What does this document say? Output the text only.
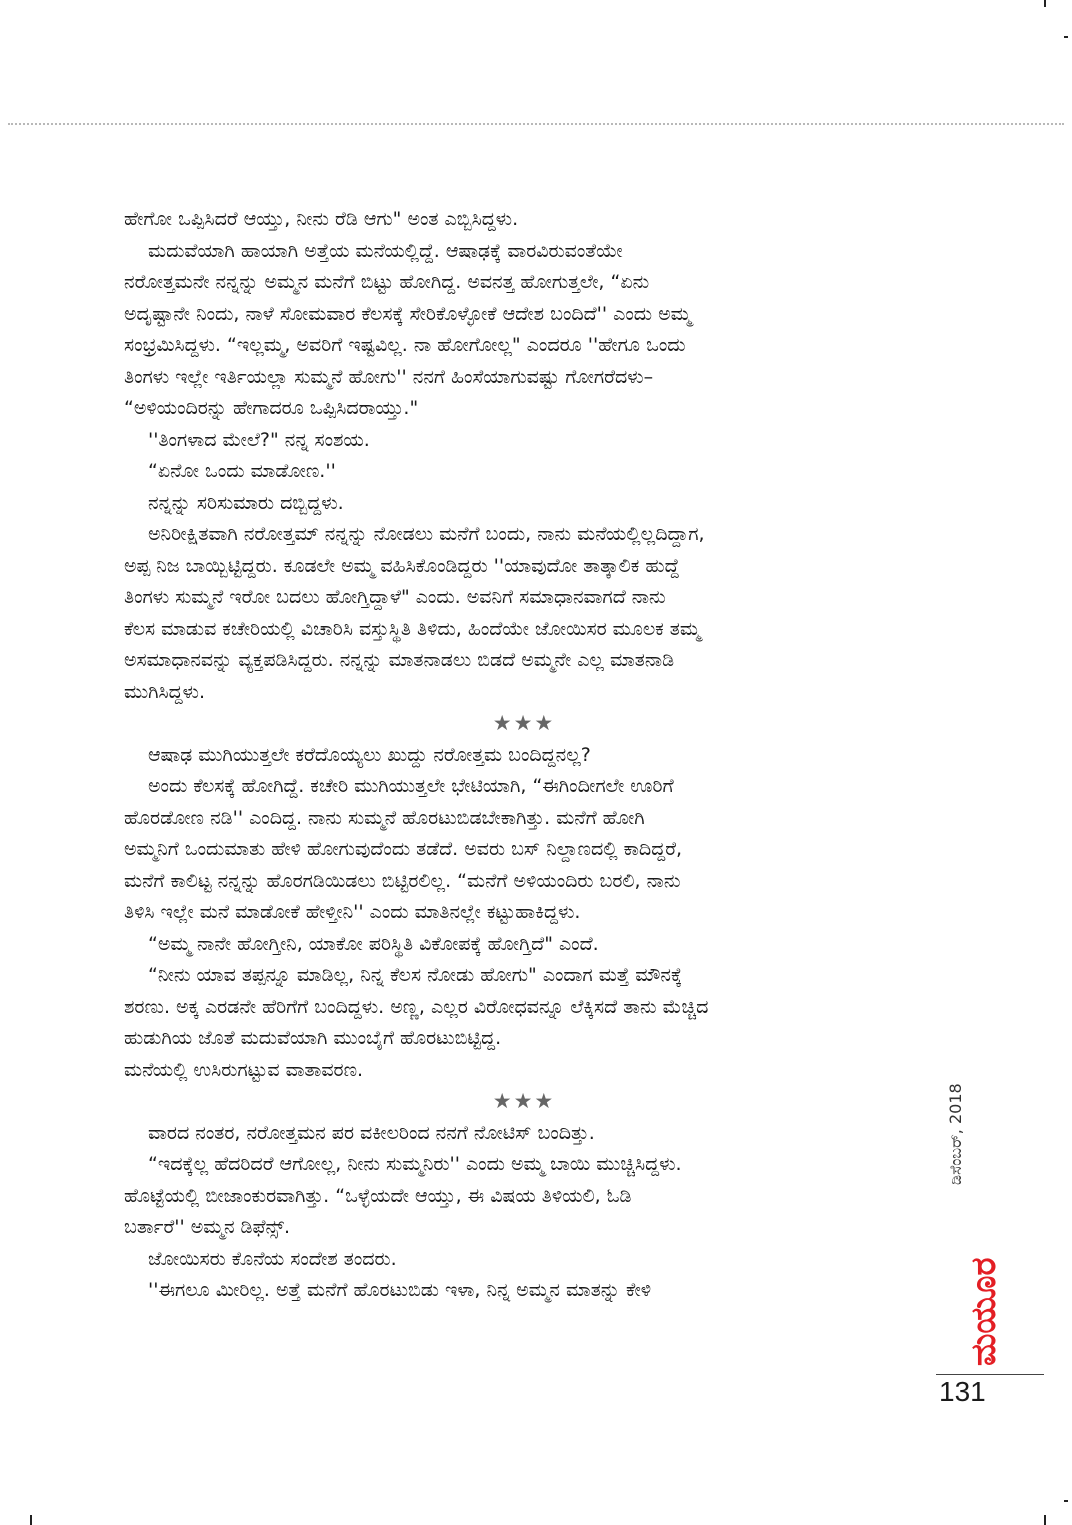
ಹೇಗೋ ಒಪ್ಪಿಸಿದರೆ ಆಯ್ತು, ನೀನು ರೆಡಿ ಆಗು" ಅಂತ ಎಬ್ಬಿಸಿದ್ದಳು.

ಮದುವೆಯಾಗಿ ಹಾಯಾಗಿ ಅತ್ತೆಯ ಮನೆಯಲ್ಲಿದ್ದೆ. ಆಷಾಢಕ್ಕೆ ವಾರವಿರುವಂತೆಯೇ

ನರೋತ್ತಮನೇ ನನ್ನನ್ನು ಅಮ್ಮನ ಮನೆಗೆ ಬಿಟ್ಟು ಹೋಗಿದ್ದ. ಅವನತ್ತ ಹೋಗುತ್ತಲೇ, “ಏನು

ಅದೃಷ್ಟಾನೇ ನಿಂದು, ನಾಳೆ ಸೋಮವಾರ ಕೆಲಸಕ್ಕೆ ಸೇರಿಕೊಳ್ಳೋಕೆ ಆದೇಶ ಬಂದಿದೆ'' ಎಂದು ಅಮ್ಮ

ಸಂಭ್ರಮಿಸಿದ್ದಳು. “ಇಲ್ಲಮ್ಮ, ಅವರಿಗೆ ಇಷ್ಟವಿಲ್ಲ. ನಾ ಹೋಗೋಲ್ಲ" ಎಂದರೂ ''ಹೇಗೂ ಒಂದು

ತಿಂಗಳು ಇಲ್ಲೇ ಇರ್ತಿಯಲ್ಲಾ ಸುಮ್ಮನೆ ಹೋಗು'' ನನಗೆ ಹಿಂಸೆಯಾಗುವಷ್ಟು ಗೋಗರೆದಳು–

“ಅಳಿಯಂದಿರನ್ನು ಹೇಗಾದರೂ ಒಪ್ಪಿಸಿದರಾಯ್ತು."

''ತಿಂಗಳಾದ ಮೇಲೆ?" ನನ್ನ ಸಂಶಯ.

“ಏನೋ ಒಂದು ಮಾಡೋಣ.''

ನನ್ನನ್ನು ಸರಿಸುಮಾರು ದಬ್ಬಿದ್ದಳು.

ಅನಿರೀಕ್ಷಿತವಾಗಿ ನರೋತ್ತಮ್ ನನ್ನನ್ನು ನೋಡಲು ಮನೆಗೆ ಬಂದು, ನಾನು ಮನೆಯಲ್ಲಿಲ್ಲದಿದ್ದಾಗ,

ಅಪ್ಪ ನಿಜ ಬಾಯ್ಬಿಟ್ಟಿದ್ದರು. ಕೂಡಲೇ ಅಮ್ಮ ವಹಿಸಿಕೊಂಡಿದ್ದರು ''ಯಾವುದೋ ತಾತ್ಕಾಲಿಕ ಹುದ್ದೆ

ತಿಂಗಳು ಸುಮ್ಮನೆ ಇರೋ ಬದಲು ಹೋಗ್ತಿದ್ದಾಳೆ" ಎಂದು. ಅವನಿಗೆ ಸಮಾಧಾನವಾಗದೆ ನಾನು

ಕೆಲಸ ಮಾಡುವ ಕಚೇರಿಯಲ್ಲಿ ವಿಚಾರಿಸಿ ವಸ್ತುಸ್ಥಿತಿ ತಿಳಿದು, ಹಿಂದೆಯೇ ಜೋಯಿಸರ ಮೂಲಕ ತಮ್ಮ

ಅಸಮಾಧಾನವನ್ನು ವ್ಯಕ್ತಪಡಿಸಿದ್ದರು. ನನ್ನನ್ನು ಮಾತನಾಡಲು ಬಿಡದೆ ಅಮ್ಮನೇ ಎಲ್ಲ ಮಾತನಾಡಿ

ಮುಗಿಸಿದ್ದಳು.

★★★

ಆಷಾಢ ಮುಗಿಯುತ್ತಲೇ ಕರೆದೊಯ್ಯಲು ಖುದ್ದು ನರೋತ್ತಮ ಬಂದಿದ್ದನಲ್ಲ?

ಅಂದು ಕೆಲಸಕ್ಕೆ ಹೋಗಿದ್ದೆ. ಕಚೇರಿ ಮುಗಿಯುತ್ತಲೇ ಭೇಟಿಯಾಗಿ, “ಈಗಿಂದೀಗಲೇ ಊರಿಗೆ

ಹೊರಡೋಣ ನಡಿ'' ಎಂದಿದ್ದ. ನಾನು ಸುಮ್ಮನೆ ಹೊರಟುಬಿಡಬೇಕಾಗಿತ್ತು. ಮನೆಗೆ ಹೋಗಿ

ಅಮ್ಮನಿಗೆ ಒಂದುಮಾತು ಹೇಳಿ ಹೋಗುವುದೆಂದು ತಡೆದೆ. ಅವರು ಬಸ್ ನಿಲ್ದಾಣದಲ್ಲಿ ಕಾದಿದ್ದರೆ,

ಮನೆಗೆ ಕಾಲಿಟ್ಟ ನನ್ನನ್ನು ಹೊರಗಡಿಯಿಡಲು ಬಿಟ್ಟಿರಲಿಲ್ಲ. “ಮನೆಗೆ ಅಳಿಯಂದಿರು ಬರಲಿ, ನಾನು

ತಿಳಿಸಿ ಇಲ್ಲೇ ಮನೆ ಮಾಡೋಕೆ ಹೇಳ್ತೀನಿ'' ಎಂದು ಮಾತಿನಲ್ಲೇ ಕಟ್ಟುಹಾಕಿದ್ದಳು.

“ಅಮ್ಮ ನಾನೇ ಹೋಗ್ತೀನಿ, ಯಾಕೋ ಪರಿಸ್ಥಿತಿ ವಿಕೋಪಕ್ಕೆ ಹೋಗ್ತಿದೆ" ಎಂದೆ.

“ನೀನು ಯಾವ ತಪ್ಪನ್ನೂ ಮಾಡಿಲ್ಲ, ನಿನ್ನ ಕೆಲಸ ನೋಡು ಹೋಗು" ಎಂದಾಗ ಮತ್ತೆ ಮೌನಕ್ಕೆ

ಶರಣು. ಅಕ್ಕ ಎರಡನೇ ಹೆರಿಗೆಗೆ ಬಂದಿದ್ದಳು. ಅಣ್ಣ, ಎಲ್ಲರ ವಿರೋಧವನ್ನೂ ಲೆಕ್ಕಿಸದೆ ತಾನು ಮೆಚ್ಚಿದ

ಹುಡುಗಿಯ ಜೊತೆ ಮದುವೆಯಾಗಿ ಮುಂಬೈಗೆ ಹೊರಟುಬಿಟ್ಟಿದ್ದ.

ಮನೆಯಲ್ಲಿ ಉಸಿರುಗಟ್ಟುವ ವಾತಾವರಣ.

★★★

ವಾರದ ನಂತರ, ನರೋತ್ತಮನ ಪರ ವಕೀಲರಿಂದ ನನಗೆ ನೋಟಿಸ್ ಬಂದಿತ್ತು.

“ಇದಕ್ಕೆಲ್ಲ ಹೆದರಿದರೆ ಆಗೋಲ್ಲ, ನೀನು ಸುಮ್ಮನಿರು'' ಎಂದು ಅಮ್ಮ ಬಾಯಿ ಮುಚ್ಚಿಸಿದ್ದಳು.

ಹೊಟ್ಟೆಯಲ್ಲಿ ಬೀಜಾಂಕುರವಾಗಿತ್ತು. “ಒಳ್ಳೆಯದೇ ಆಯ್ತು, ಈ ವಿಷಯ ತಿಳಿಯಲಿ, ಓಡಿ

ಬರ್ತಾರೆ'' ಅಮ್ಮನ ಡಿಫೆನ್ಸ್.

ಜೋಯಿಸರು ಕೊನೆಯ ಸಂದೇಶ ತಂದರು.

''ಈಗಲೂ ಮೀರಿಲ್ಲ. ಅತ್ತೆ ಮನೆಗೆ ಹೊರಟುಬಿಡು ಇಳಾ, ನಿನ್ನ ಅಮ್ಮನ ಮಾತನ್ನು ಕೇಳಿ

ಡಿಸೆಂಬರ್, 2018
ಮಯೂರ
131
